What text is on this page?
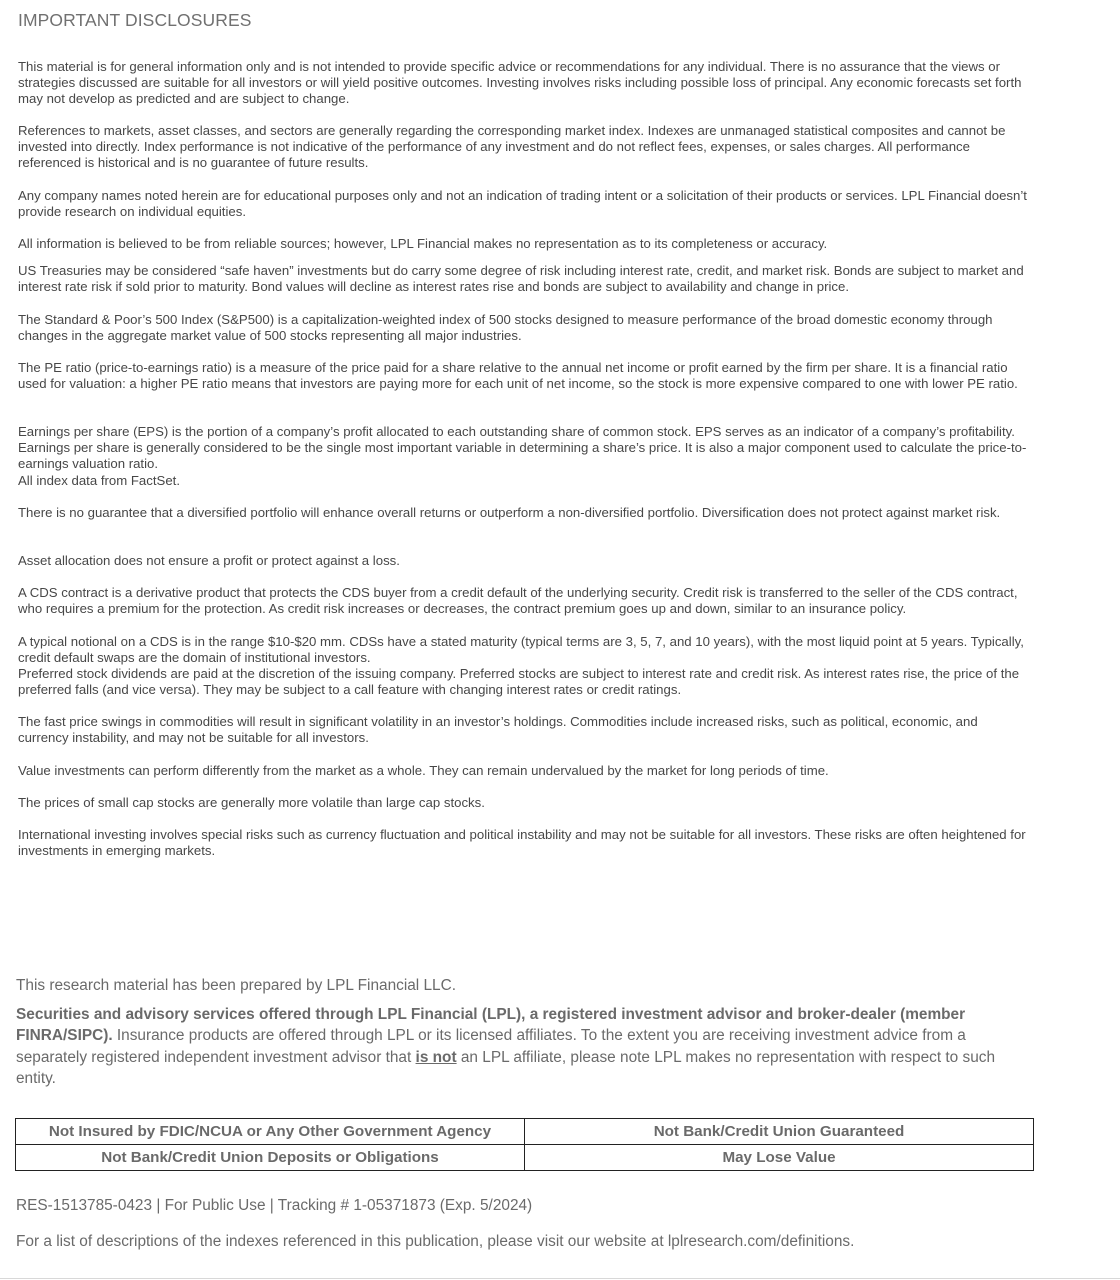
IMPORTANT DISCLOSURES
This material is for general information only and is not intended to provide specific advice or recommendations for any individual. There is no assurance that the views or strategies discussed are suitable for all investors or will yield positive outcomes. Investing involves risks including possible loss of principal. Any economic forecasts set forth may not develop as predicted and are subject to change.
References to markets, asset classes, and sectors are generally regarding the corresponding market index. Indexes are unmanaged statistical composites and cannot be invested into directly. Index performance is not indicative of the performance of any investment and do not reflect fees, expenses, or sales charges. All performance referenced is historical and is no guarantee of future results.
Any company names noted herein are for educational purposes only and not an indication of trading intent or a solicitation of their products or services. LPL Financial doesn’t provide research on individual equities.
All information is believed to be from reliable sources; however, LPL Financial makes no representation as to its completeness or accuracy.
US Treasuries may be considered “safe haven” investments but do carry some degree of risk including interest rate, credit, and market risk. Bonds are subject to market and interest rate risk if sold prior to maturity. Bond values will decline as interest rates rise and bonds are subject to availability and change in price.
The Standard & Poor’s 500 Index (S&P500) is a capitalization-weighted index of 500 stocks designed to measure performance of the broad domestic economy through changes in the aggregate market value of 500 stocks representing all major industries.
The PE ratio (price-to-earnings ratio) is a measure of the price paid for a share relative to the annual net income or profit earned by the firm per share. It is a financial ratio used for valuation: a higher PE ratio means that investors are paying more for each unit of net income, so the stock is more expensive compared to one with lower PE ratio.
Earnings per share (EPS) is the portion of a company’s profit allocated to each outstanding share of common stock. EPS serves as an indicator of a company’s profitability. Earnings per share is generally considered to be the single most important variable in determining a share’s price. It is also a major component used to calculate the price-to-earnings valuation ratio.
All index data from FactSet.
There is no guarantee that a diversified portfolio will enhance overall returns or outperform a non-diversified portfolio. Diversification does not protect against market risk.
Asset allocation does not ensure a profit or protect against a loss.
A CDS contract is a derivative product that protects the CDS buyer from a credit default of the underlying security. Credit risk is transferred to the seller of the CDS contract, who requires a premium for the protection. As credit risk increases or decreases, the contract premium goes up and down, similar to an insurance policy.
A typical notional on a CDS is in the range $10-$20 mm. CDSs have a stated maturity (typical terms are 3, 5, 7, and 10 years), with the most liquid point at 5 years. Typically, credit default swaps are the domain of institutional investors.
Preferred stock dividends are paid at the discretion of the issuing company. Preferred stocks are subject to interest rate and credit risk. As interest rates rise, the price of the preferred falls (and vice versa). They may be subject to a call feature with changing interest rates or credit ratings.
The fast price swings in commodities will result in significant volatility in an investor’s holdings. Commodities include increased risks, such as political, economic, and currency instability, and may not be suitable for all investors.
Value investments can perform differently from the market as a whole. They can remain undervalued by the market for long periods of time.
The prices of small cap stocks are generally more volatile than large cap stocks.
International investing involves special risks such as currency fluctuation and political instability and may not be suitable for all investors. These risks are often heightened for investments in emerging markets.
This research material has been prepared by LPL Financial LLC.
Securities and advisory services offered through LPL Financial (LPL), a registered investment advisor and broker-dealer (member FINRA/SIPC). Insurance products are offered through LPL or its licensed affiliates. To the extent you are receiving investment advice from a separately registered independent investment advisor that is not an LPL affiliate, please note LPL makes no representation with respect to such entity.
Not Insured by FDIC/NCUA or Any Other Government Agency	Not Bank/Credit Union Guaranteed
Not Bank/Credit Union Deposits or Obligations	May Lose Value
RES-1513785-0423 | For Public Use | Tracking # 1-05371873 (Exp. 5/2024)
For a list of descriptions of the indexes referenced in this publication, please visit our website at lplresearch.com/definitions.
